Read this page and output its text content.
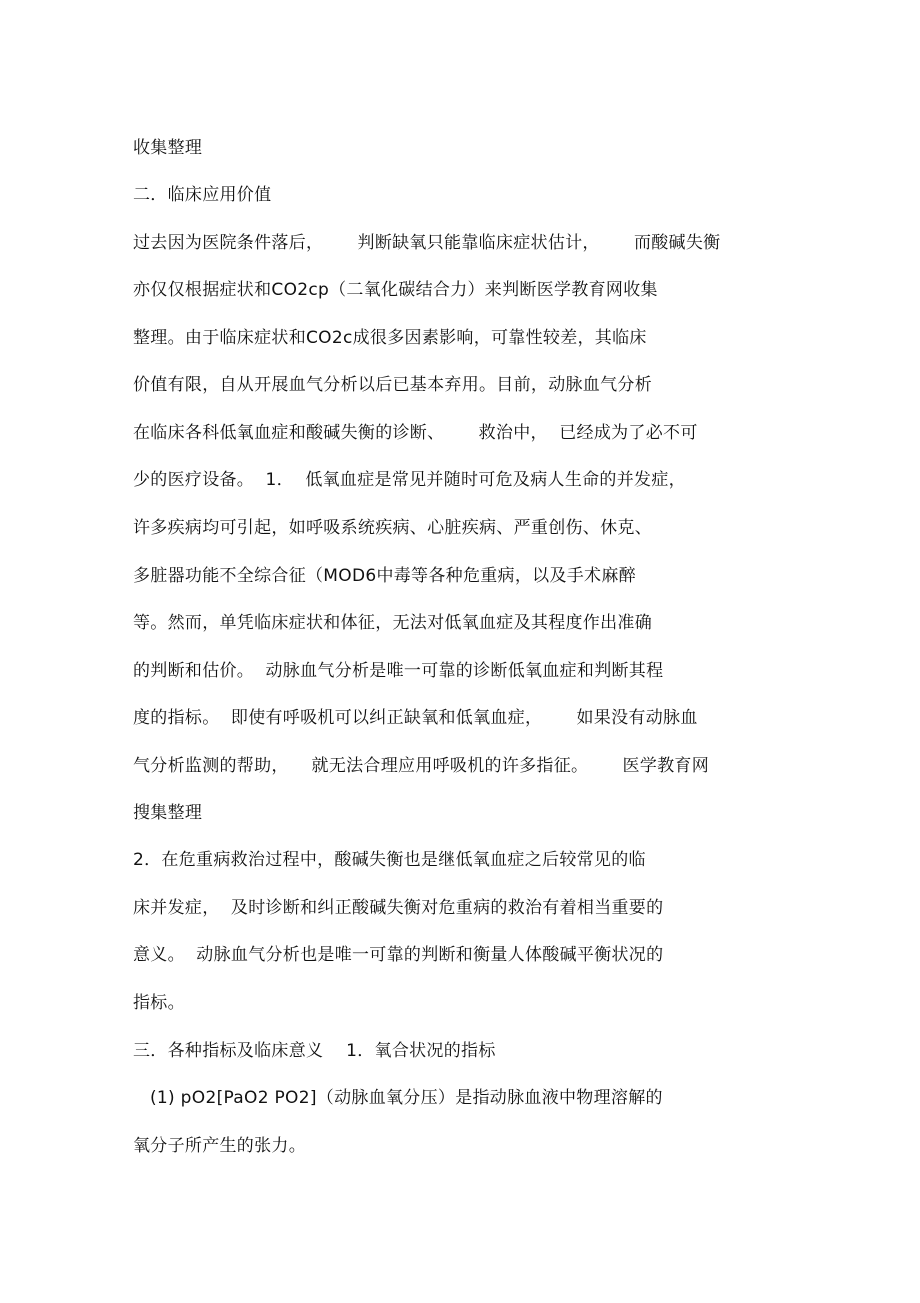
收集整理
二．临床应用价值
过去因为医院条件落后，      判断缺氧只能靠临床症状估计，      而酸碱失衡
亦仅仅根据症状和CO2cp（二氧化碳结合力）来判断医学教育网收集
整理。由于临床症状和CO2c成很多因素影响，可靠性较差，其临床
价值有限，自从开展血气分析以后已基本弃用。目前，动脉血气分析
在临床各科低氧血症和酸碱失衡的诊断、      救治中，  已经成为了必不可
少的医疗设备。  1．  低氧血症是常见并随时可危及病人生命的并发症，
许多疾病均可引起，如呼吸系统疾病、心脏疾病、严重创伤、休克、
多脏器功能不全综合征（MOD6中毒等各种危重病，以及手术麻醉
等。然而，单凭临床症状和体征，无法对低氧血症及其程度作出准确
的判断和估价。  动脉血气分析是唯一可靠的诊断低氧血症和判断其程
度的指标。  即使有呼吸机可以纠正缺氧和低氧血症，      如果没有动脉血
气分析监测的帮助，    就无法合理应用呼吸机的许多指征。      医学教育网
搜集整理
2．在危重病救治过程中，酸碱失衡也是继低氧血症之后较常见的临
床并发症，  及时诊断和纠正酸碱失衡对危重病的救治有着相当重要的
意义。  动脉血气分析也是唯一可靠的判断和衡量人体酸碱平衡状况的
指标。
三．各种指标及临床意义    1．氧合状况的指标
(1) pO2[PaO2 PO2]（动脉血氧分压）是指动脉血液中物理溶解的
氧分子所产生的张力。
